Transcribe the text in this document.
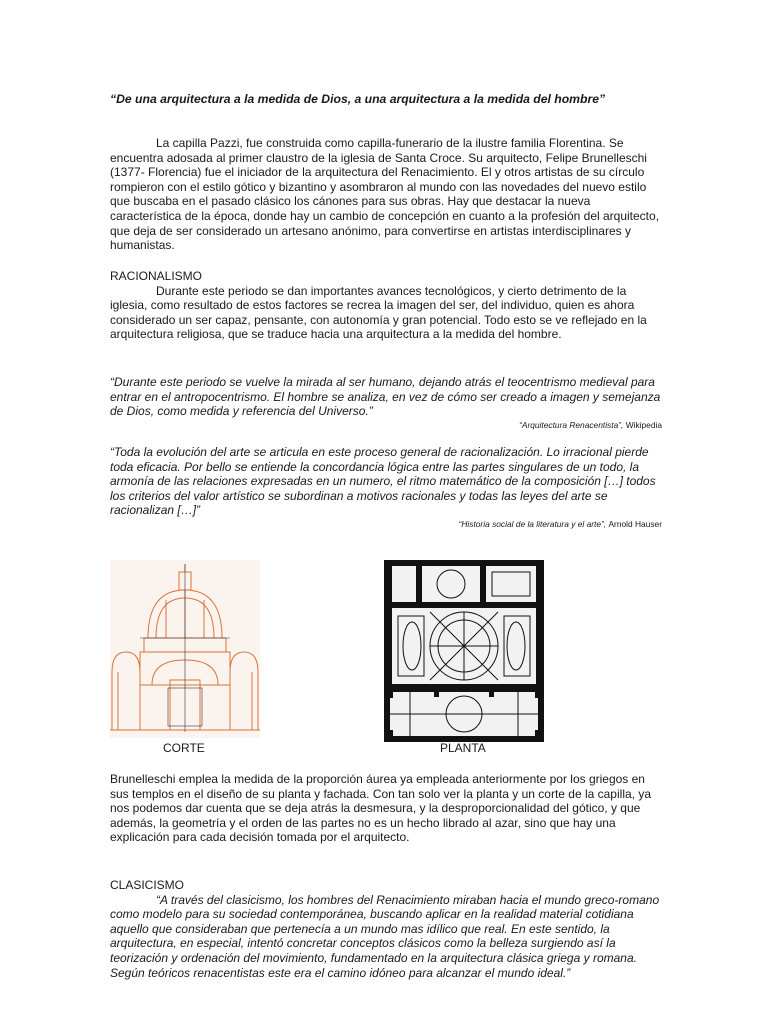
“De una arquitectura a la medida de Dios, a una arquitectura a la medida del hombre”

La capilla Pazzi, fue construida como capilla-funerario de la ilustre familia Florentina. Se encuentra adosada al primer claustro de la iglesia de Santa Croce. Su arquitecto, Felipe Brunelleschi (1377- Florencia) fue el iniciador de la arquitectura del Renacimiento. El y otros artistas de su círculo rompieron con el estilo gótico y bizantino y asombraron al mundo con las novedades del nuevo estilo que buscaba en el pasado clásico los cánones para sus obras. Hay que destacar la nueva característica de la época, donde hay un cambio de concepción en cuanto a la profesión del arquitecto, que deja de ser considerado un artesano anónimo, para convertirse en artistas interdisciplinares y humanistas.

RACIONALISMO

Durante este periodo se dan importantes avances tecnológicos, y cierto detrimento de la iglesia, como resultado de estos factores se recrea la imagen del ser, del individuo, quien es ahora considerado un ser capaz, pensante, con autonomía y gran potencial. Todo esto se ve reflejado en la arquitectura religiosa, que se traduce hacia una arquitectura a la medida del hombre.

“Durante este periodo se vuelve la mirada al ser humano, dejando atrás el teocentrismo medieval para entrar en el antropocentrismo. El hombre se analiza, en vez de cómo ser creado a imagen y semejanza de Dios, como medida y referencia del Universo.”

“Arquitectura Renacentista”, Wikipedia

“Toda la evolución del arte se articula en este proceso general de racionalización. Lo irracional pierde toda eficacia. Por bello se entiende la concordancia lógica entre las partes singulares de un todo, la armonía de las relaciones expresadas en un numero, el ritmo matemático de la composición […] todos los criterios del valor artístico se subordinan a motivos racionales y todas las leyes del arte se racionalizan […]”

“Historia social de la literatura y el arte”, Arnold Hauser

CORTE	PLANTA

Brunelleschi emplea la medida de la proporción áurea ya empleada anteriormente por los griegos en sus templos en el diseño de su planta y fachada. Con tan solo ver la planta y un corte de la capilla, ya nos podemos dar cuenta que se deja atrás la desmesura, y la desproporcionalidad del gótico, y que además, la geometría y el orden de las partes no es un hecho librado al azar, sino que hay una explicación para cada decisión tomada por el arquitecto.

CLASICISMO

“A través del clasicismo, los hombres del Renacimiento miraban hacia el mundo greco-romano como modelo para su sociedad contemporánea, buscando aplicar en la realidad material cotidiana aquello que consideraban que pertenecía a un mundo mas idílico que real. En este sentido, la arquitectura, en especial, intentó concretar conceptos clásicos como la belleza surgiendo así la teorización y ordenación del movimiento, fundamentado en la arquitectura clásica griega y romana. Según teóricos renacentistas este era el camino idóneo para alcanzar el mundo ideal.”
